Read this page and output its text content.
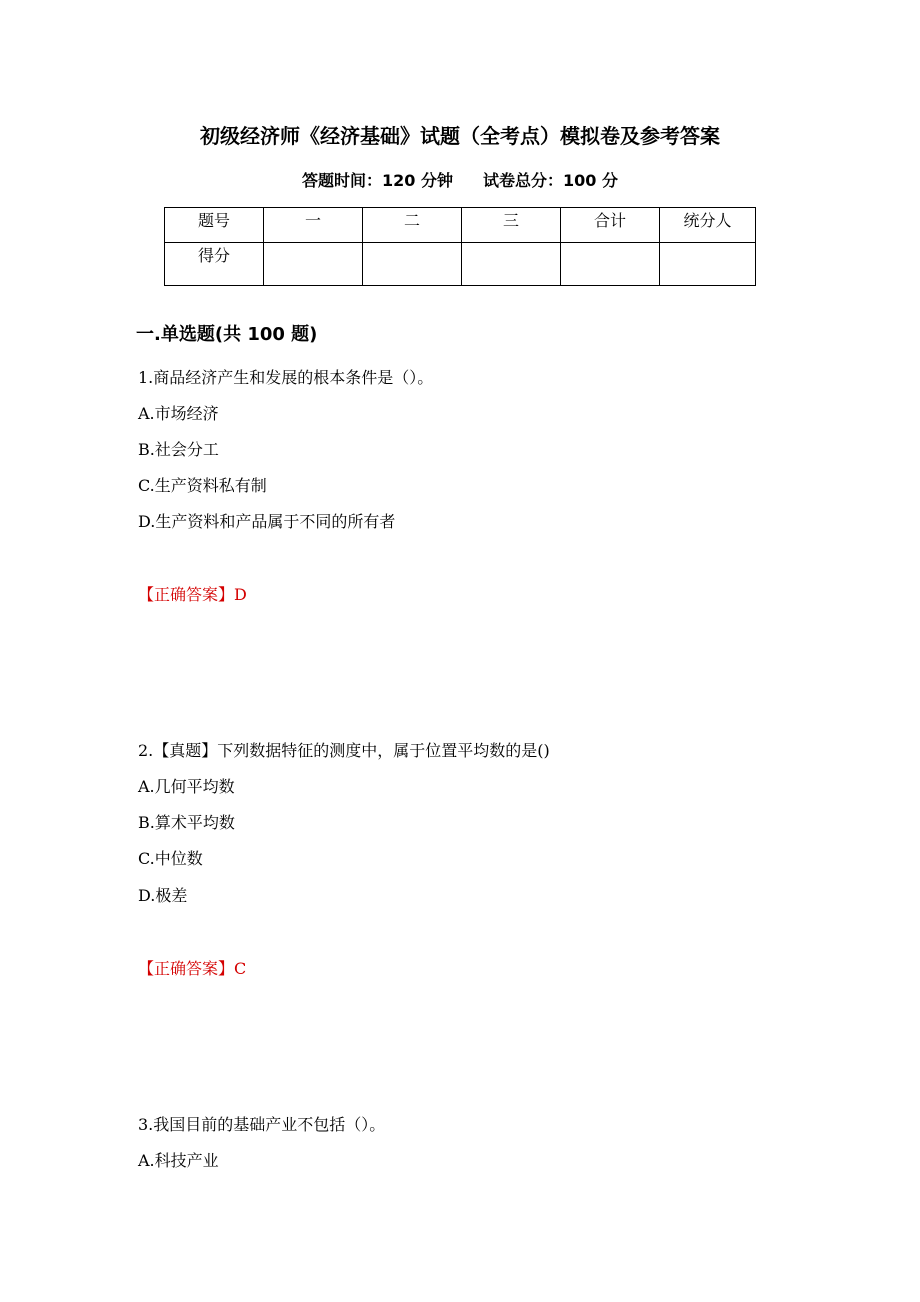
初级经济师《经济基础》试题（全考点）模拟卷及参考答案
答题时间：120 分钟 试卷总分：100 分
题号	一	二	三	合计	统分人
得分					
一.单选题(共 100 题)
1.商品经济产生和发展的根本条件是（）。
A.市场经济
B.社会分工
C.生产资料私有制
D.生产资料和产品属于不同的所有者
【正确答案】D
2.【真题】下列数据特征的测度中，属于位置平均数的是()
A.几何平均数
B.算术平均数
C.中位数
D.极差
【正确答案】C
3.我国目前的基础产业不包括（）。
A.科技产业
